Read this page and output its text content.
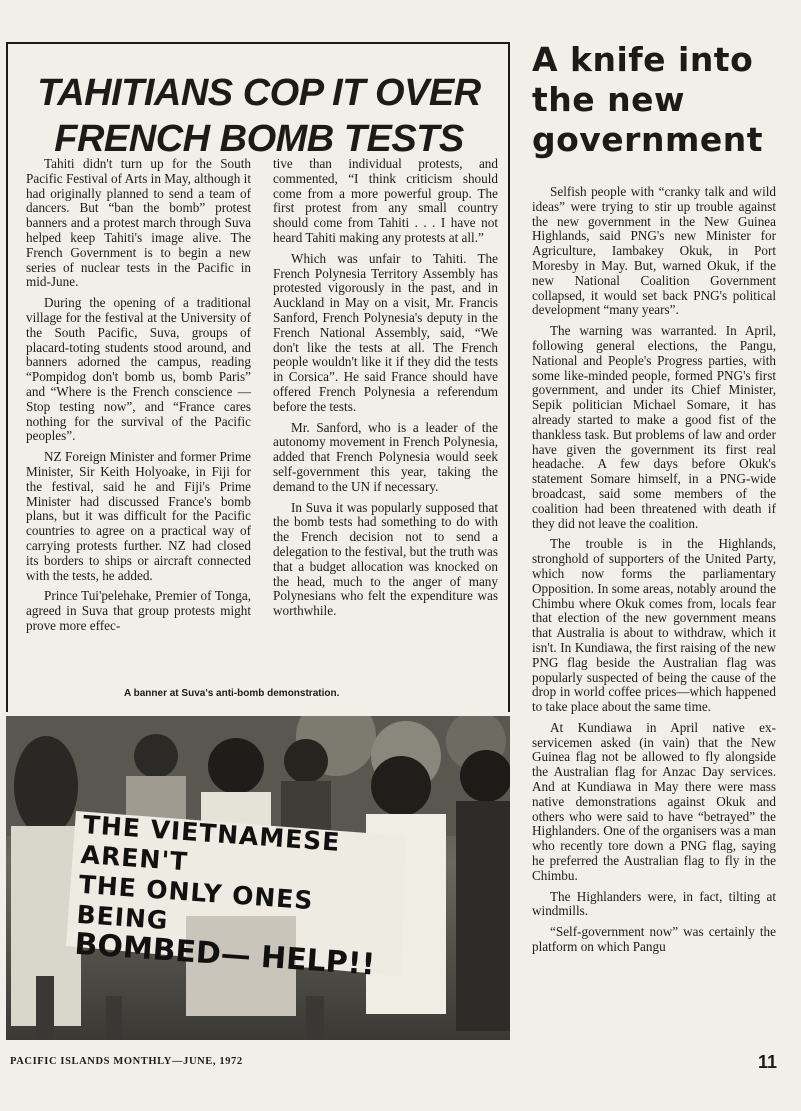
TAHITIANS COP IT OVER
FRENCH BOMB TESTS

Tahiti didn't turn up for the South Pacific Festival of Arts in May, although it had originally planned to send a team of dancers. But “ban the bomb” protest banners and a protest march through Suva helped keep Tahiti's image alive. The French Government is to begin a new series of nuclear tests in the Pacific in mid-June.

During the opening of a traditional village for the festival at the University of the South Pacific, Suva, groups of placard-toting students stood around, and banners adorned the campus, reading “Pompidog don't bomb us, bomb Paris” and “Where is the French conscience — Stop testing now”, and “France cares nothing for the survival of the Pacific peoples”.

NZ Foreign Minister and former Prime Minister, Sir Keith Holyoake, in Fiji for the festival, said he and Fiji's Prime Minister had discussed France's bomb plans, but it was difficult for the Pacific countries to agree on a practical way of carrying protests further. NZ had closed its borders to ships or aircraft connected with the tests, he added.

Prince Tui'pelehake, Premier of Tonga, agreed in Suva that group protests might prove more effec-

tive than individual protests, and commented, “I think criticism should come from a more powerful group. The first protest from any small country should come from Tahiti . . . I have not heard Tahiti making any protests at all.”

Which was unfair to Tahiti. The French Polynesia Territory Assembly has protested vigorously in the past, and in Auckland in May on a visit, Mr. Francis Sanford, French Polynesia's deputy in the French National Assembly, said, “We don't like the tests at all. The French people wouldn't like it if they did the tests in Corsica”. He said France should have offered French Polynesia a referendum before the tests.

Mr. Sanford, who is a leader of the autonomy movement in French Polynesia, added that French Polynesia would seek self-government this year, taking the demand to the UN if necessary.

In Suva it was popularly supposed that the bomb tests had something to do with the French decision not to send a delegation to the festival, but the truth was that a budget allocation was knocked on the head, much to the anger of many Polynesians who felt the expenditure was worthwhile.

A banner at Suva's anti-bomb demonstration.

THE VIETNAMESE AREN'T
THE ONLY ONES BEING
BOMBED— HELP!!
A knife into
the new
government

Selfish people with “cranky talk and wild ideas” were trying to stir up trouble against the new government in the New Guinea Highlands, said PNG's new Minister for Agriculture, Iambakey Okuk, in Port Moresby in May. But, warned Okuk, if the new National Coalition Government collapsed, it would set back PNG's political development “many years”.

The warning was warranted. In April, following general elections, the Pangu, National and People's Progress parties, with some like-minded people, formed PNG's first government, and under its Chief Minister, Sepik politician Michael Somare, it has already started to make a good fist of the thankless task. But problems of law and order have given the government its first real headache. A few days before Okuk's statement Somare himself, in a PNG-wide broadcast, said some members of the coalition had been threatened with death if they did not leave the coalition.

The trouble is in the Highlands, stronghold of supporters of the United Party, which now forms the parliamentary Opposition. In some areas, notably around the Chimbu where Okuk comes from, locals fear that election of the new government means that Australia is about to withdraw, which it isn't. In Kundiawa, the first raising of the new PNG flag beside the Australian flag was popularly suspected of being the cause of the drop in world coffee prices—which happened to take place about the same time.

At Kundiawa in April native ex-servicemen asked (in vain) that the New Guinea flag not be allowed to fly alongside the Australian flag for Anzac Day services. And at Kundiawa in May there were mass native demonstrations against Okuk and others who were said to have “betrayed” the Highlanders. One of the organisers was a man who recently tore down a PNG flag, saying he preferred the Australian flag to fly in the Chimbu.

The Highlanders were, in fact, tilting at windmills.

“Self-government now” was certainly the platform on which Pangu

PACIFIC ISLANDS MONTHLY—JUNE, 1972	11
